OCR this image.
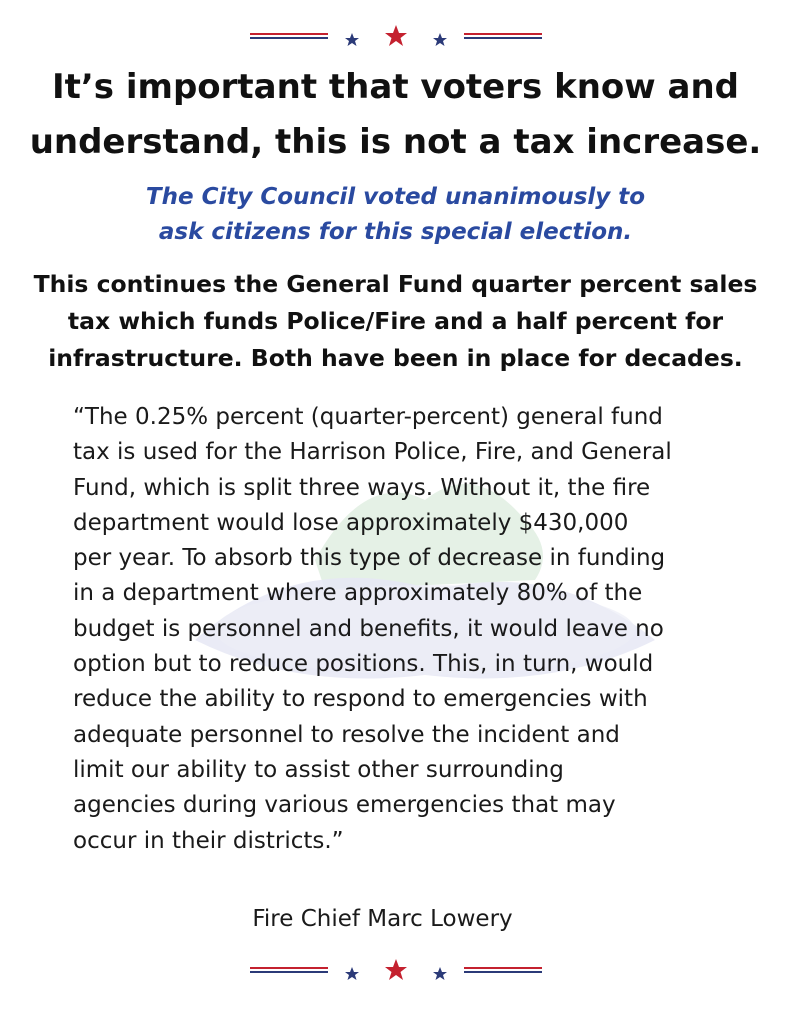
It’s important that voters know and
understand, this is not a tax increase.

The City Council voted unanimously to
ask citizens for this special election.

This continues the General Fund quarter percent sales
tax which funds Police/Fire and a half percent for
infrastructure. Both have been in place for decades.

“The 0.25% percent (quarter-percent) general fund
tax is used for the Harrison Police, Fire, and General
Fund, which is split three ways. Without it, the fire
department would lose approximately $430,000
per year. To absorb this type of decrease in funding
in a department where approximately 80% of the
budget is personnel and benefits, it would leave no
option but to reduce positions. This, in turn, would
reduce the ability to respond to emergencies with
adequate personnel to resolve the incident and
limit our ability to assist other surrounding
agencies during various emergencies that may
occur in their districts.”

Fire Chief Marc Lowery
